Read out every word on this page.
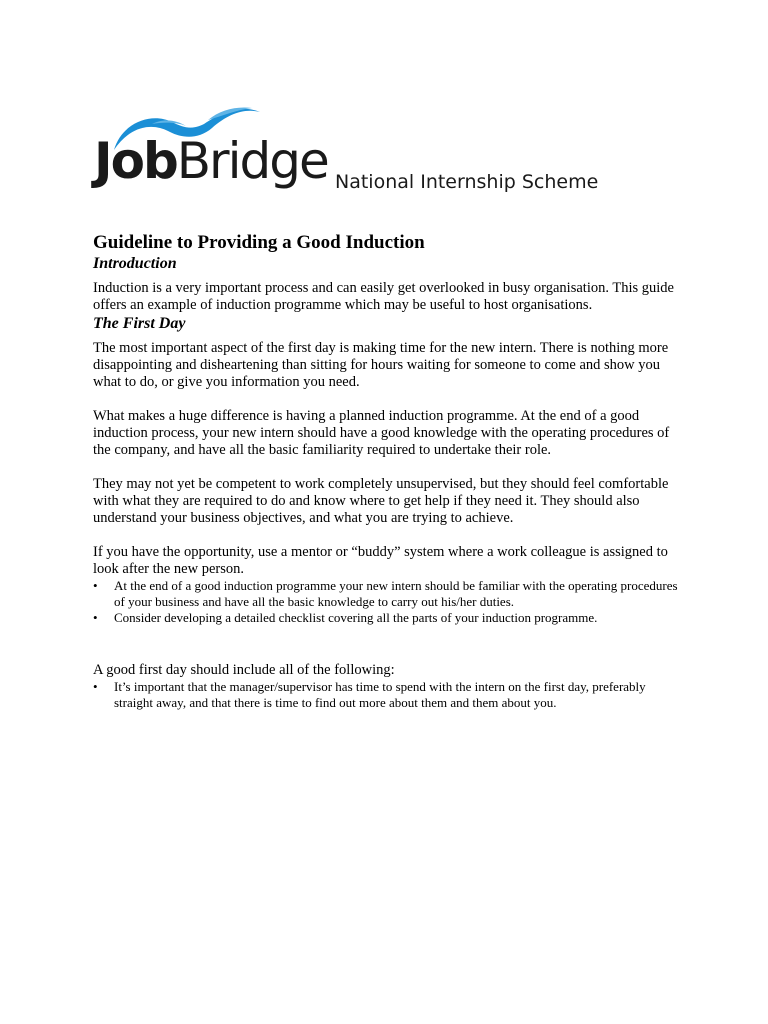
JobBridge National Internship Scheme
Guideline to Providing a Good Induction
Introduction

Induction is a very important process and can easily get overlooked in busy organisation. This guide offers an example of induction programme which may be useful to host organisations.

The First Day

The most important aspect of the first day is making time for the new intern. There is nothing more disappointing and disheartening than sitting for hours waiting for someone to come and show you what to do, or give you information you need.

What makes a huge difference is having a planned induction programme. At the end of a good induction process, your new intern should have a good knowledge with the operating procedures of the company, and have all the basic familiarity required to undertake their role.

They may not yet be competent to work completely unsupervised, but they should feel comfortable with what they are required to do and know where to get help if they need it. They should also understand your business objectives, and what you are trying to achieve.

If you have the opportunity, use a mentor or “buddy” system where a work colleague is assigned to look after the new person.

• At the end of a good induction programme your new intern should be familiar with the operating procedures of your business and have all the basic knowledge to carry out his/her duties.
• Consider developing a detailed checklist covering all the parts of your induction programme.

A good first day should include all of the following:

• It’s important that the manager/supervisor has time to spend with the intern on the first day, preferably straight away, and that there is time to find out more about them and them about you.
